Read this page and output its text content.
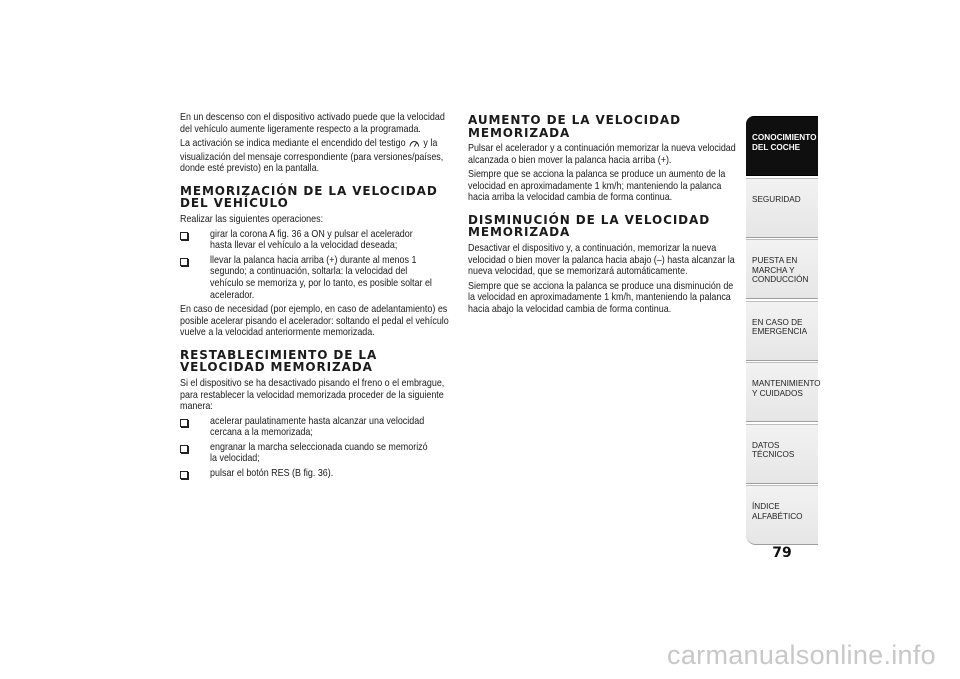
En un descenso con el dispositivo activado puede que la velocidad del vehículo aumente ligeramente respecto a la programada.

La activación se indica mediante el encendido del testigo y la visualización del mensaje correspondiente (para versiones/países, donde esté previsto) en la pantalla.

MEMORIZACIÓN DE LA VELOCIDAD DEL VEHÍCULO

Realizar las siguientes operaciones:

girar la corona A fig. 36 a ON y pulsar el acelerador hasta llevar el vehículo a la velocidad deseada;
llevar la palanca hacia arriba (+) durante al menos 1 segundo; a continuación, soltarla: la velocidad del vehículo se memoriza y, por lo tanto, es posible soltar el acelerador.

En caso de necesidad (por ejemplo, en caso de adelantamiento) es posible acelerar pisando el acelerador: soltando el pedal el vehículo vuelve a la velocidad anteriormente memorizada.

RESTABLECIMIENTO DE LA VELOCIDAD MEMORIZADA

Si el dispositivo se ha desactivado pisando el freno o el embrague, para restablecer la velocidad memorizada proceder de la siguiente manera:

acelerar paulatinamente hasta alcanzar una velocidad cercana a la memorizada;
engranar la marcha seleccionada cuando se memorizó la velocidad;
pulsar el botón RES (B fig. 36).
AUMENTO DE LA VELOCIDAD MEMORIZADA

Pulsar el acelerador y a continuación memorizar la nueva velocidad alcanzada o bien mover la palanca hacia arriba (+).

Siempre que se acciona la palanca se produce un aumento de la velocidad en aproximadamente 1 km/h; manteniendo la palanca hacia arriba la velocidad cambia de forma continua.

DISMINUCIÓN DE LA VELOCIDAD MEMORIZADA

Desactivar el dispositivo y, a continuación, memorizar la nueva velocidad o bien mover la palanca hacia abajo (–) hasta alcanzar la nueva velocidad, que se memorizará automáticamente.

Siempre que se acciona la palanca se produce una disminución de la velocidad en aproximadamente 1 km/h, manteniendo la palanca hacia abajo la velocidad cambia de forma continua.

CONOCIMIENTO DEL COCHE
SEGURIDAD
PUESTA EN MARCHA Y CONDUCCIÓN
EN CASO DE EMERGENCIA
MANTENIMIENTO Y CUIDADOS
DATOS TÉCNICOS
ÍNDICE ALFABÉTICO
79
carmanualsonline.info
